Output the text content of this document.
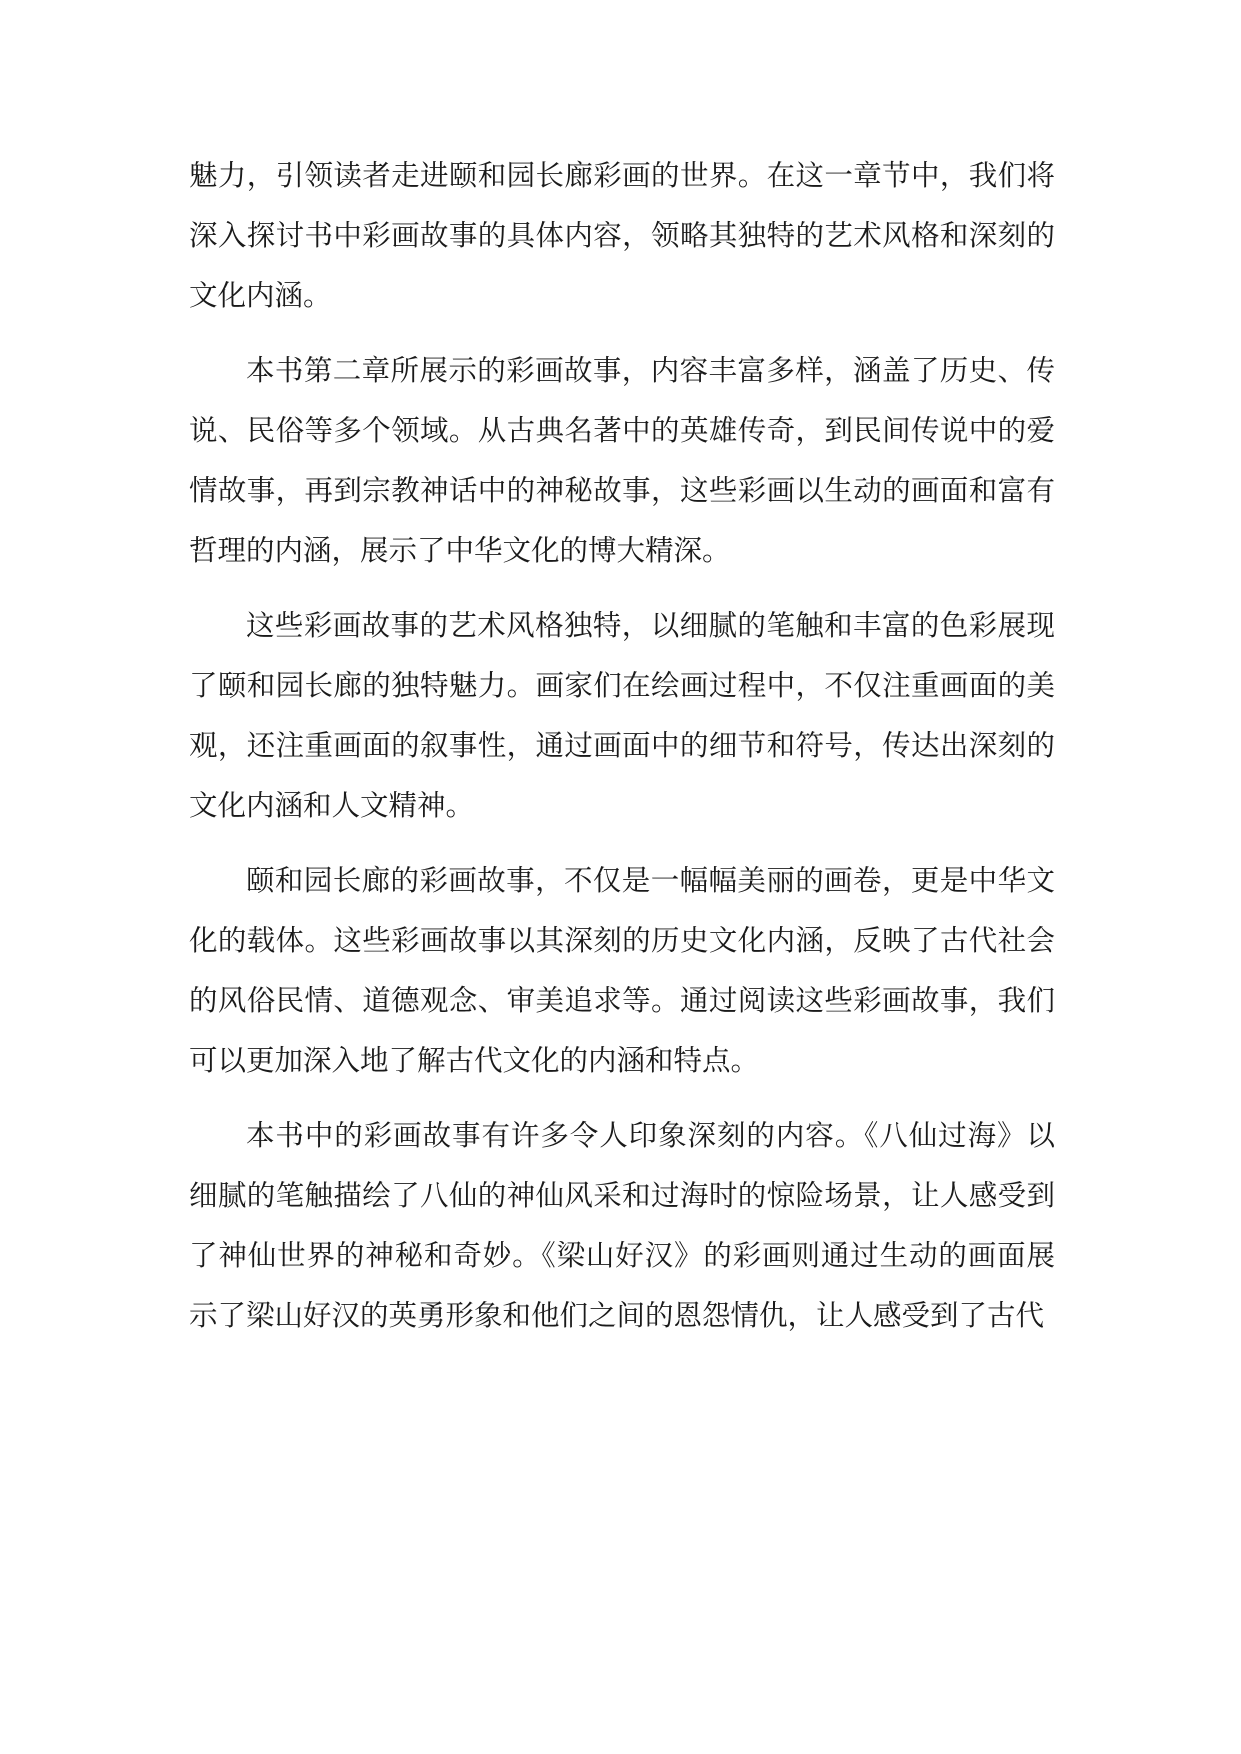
魅力，引领读者走进颐和园长廊彩画的世界。在这一章节中，我们将深入探讨书中彩画故事的具体内容，领略其独特的艺术风格和深刻的文化内涵。

本书第二章所展示的彩画故事，内容丰富多样，涵盖了历史、传说、民俗等多个领域。从古典名著中的英雄传奇，到民间传说中的爱情故事，再到宗教神话中的神秘故事，这些彩画以生动的画面和富有哲理的内涵，展示了中华文化的博大精深。

这些彩画故事的艺术风格独特，以细腻的笔触和丰富的色彩展现了颐和园长廊的独特魅力。画家们在绘画过程中，不仅注重画面的美观，还注重画面的叙事性，通过画面中的细节和符号，传达出深刻的文化内涵和人文精神。

颐和园长廊的彩画故事，不仅是一幅幅美丽的画卷，更是中华文化的载体。这些彩画故事以其深刻的历史文化内涵，反映了古代社会的风俗民情、道德观念、审美追求等。通过阅读这些彩画故事，我们可以更加深入地了解古代文化的内涵和特点。

本书中的彩画故事有许多令人印象深刻的内容。《八仙过海》以细腻的笔触描绘了八仙的神仙风采和过海时的惊险场景，让人感受到了神仙世界的神秘和奇妙。《梁山好汉》的彩画则通过生动的画面展示了梁山好汉的英勇形象和他们之间的恩怨情仇，让人感受到了古代
